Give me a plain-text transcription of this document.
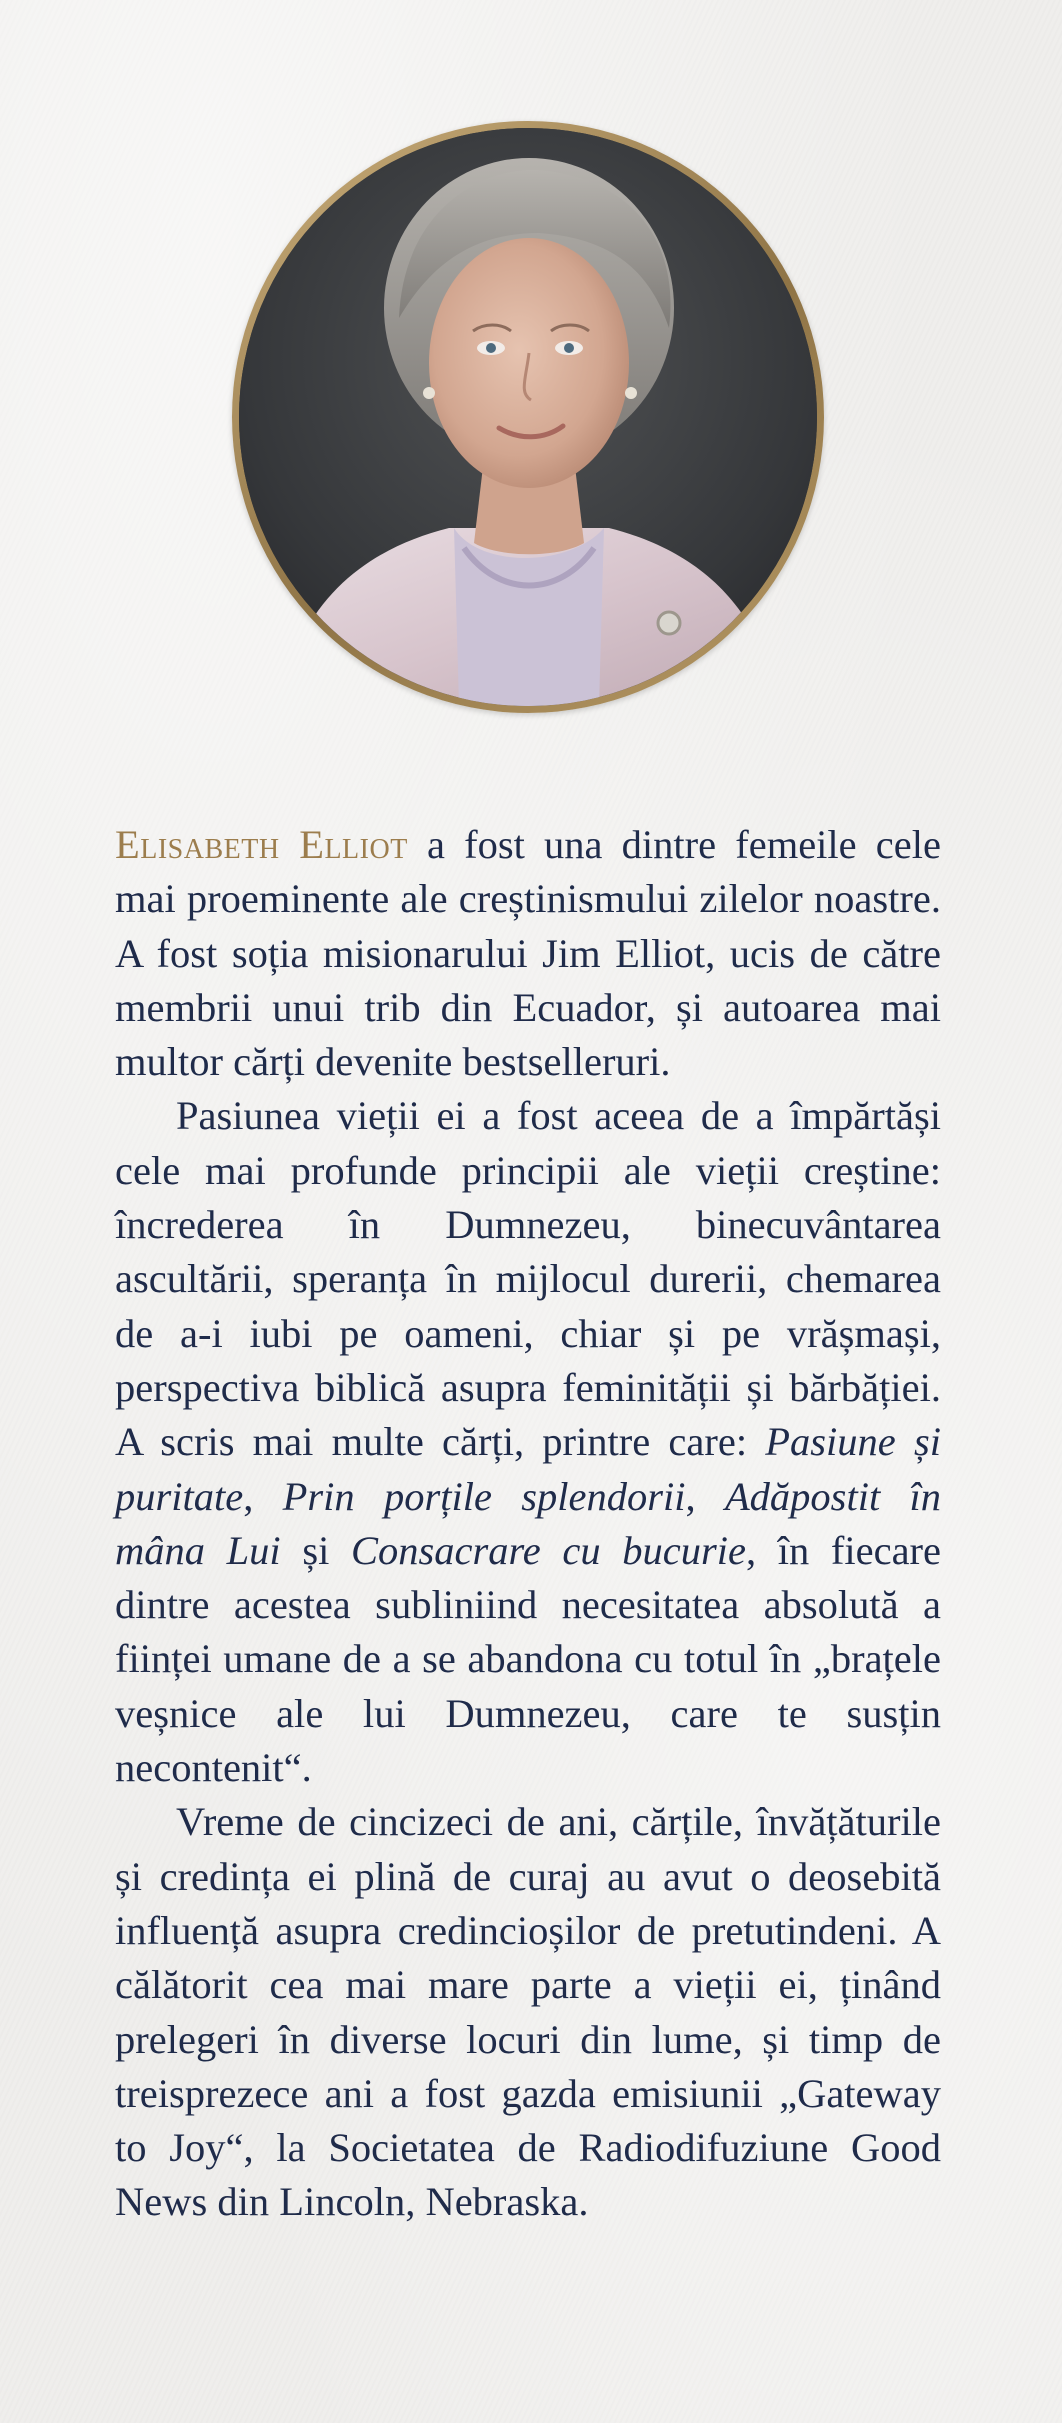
Elisabeth Elliot a fost una dintre femeile cele mai proeminente ale creștinismului zilelor noastre. A fost soția misionarului Jim Elliot, ucis de către membrii unui trib din Ecuador, și autoarea mai multor cărți devenite bestselleruri.

Pasiunea vieții ei a fost aceea de a împărtăși cele mai profunde principii ale vieții creștine: încrederea în Dumnezeu, binecuvântarea ascultării, speranța în mijlocul durerii, chemarea de a-i iubi pe oameni, chiar și pe vrășmași, perspectiva biblică asupra feminității și bărbăției. A scris mai multe cărți, printre care: Pasiune și puritate, Prin porțile splendorii, Adăpostit în mâna Lui și Consacrare cu bucurie, în fiecare dintre acestea subliniind necesitatea absolută a ființei umane de a se abandona cu totul în „brațele veșnice ale lui Dumnezeu, care te susțin necontenit“.

Vreme de cincizeci de ani, cărțile, învățăturile și credința ei plină de curaj au avut o deosebită influență asupra credincioșilor de pretutindeni. A călătorit cea mai mare parte a vieții ei, ținând prelegeri în diverse locuri din lume, și timp de treisprezece ani a fost gazda emisiunii „Gateway to Joy“, la Societatea de Radiodifuziune Good News din Lincoln, Nebraska.
